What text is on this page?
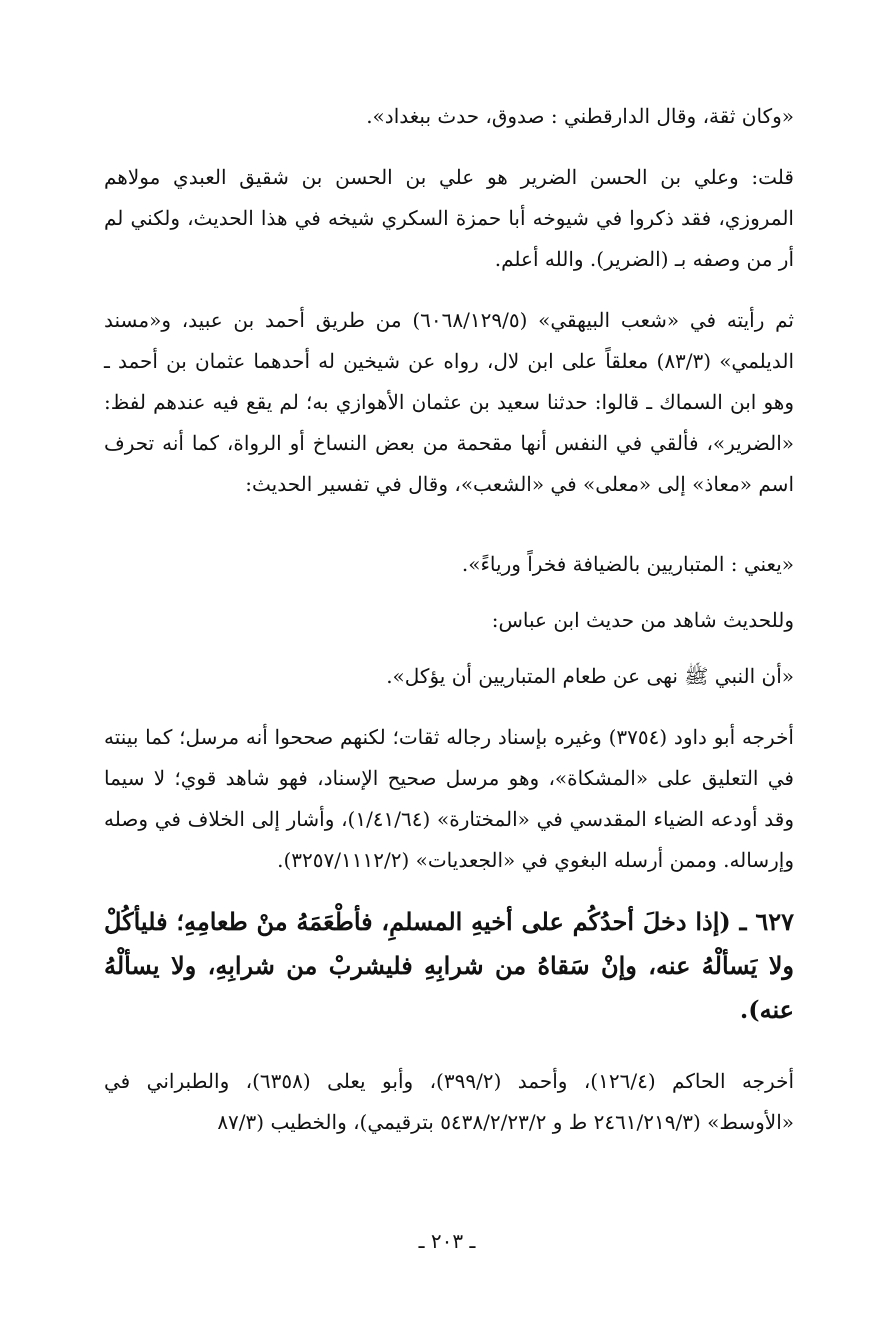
«وكان ثقة، وقال الدارقطني : صدوق، حدث ببغداد».

قلت: وعلي بن الحسن الضرير هو علي بن الحسن بن شقيق العبدي مولاهم المروزي، فقد ذكروا في شيوخه أبا حمزة السكري شيخه في هذا الحديث، ولكني لم أر من وصفه بـ (الضرير). والله أعلم.

ثم رأيته في «شعب البيهقي» (٦٠٦٨/١٢٩/٥) من طريق أحمد بن عبيد، و«مسند الديلمي» (٨٣/٣) معلقاً على ابن لال، رواه عن شيخين له أحدهما عثمان بن أحمد ـ وهو ابن السماك ـ قالوا: حدثنا سعيد بن عثمان الأهوازي به؛ لم يقع فيه عندهم لفظ: «الضرير»، فألقي في النفس أنها مقحمة من بعض النساخ أو الرواة، كما أنه تحرف اسم «معاذ» إلى «معلى» في «الشعب»، وقال في تفسير الحديث:

«يعني : المتباريين بالضيافة فخراً ورياءً».

وللحديث شاهد من حديث ابن عباس:

«أن النبي ﷺ نهى عن طعام المتباريين أن يؤكل».

أخرجه أبو داود (٣٧٥٤) وغيره بإسناد رجاله ثقات؛ لكنهم صححوا أنه مرسل؛ كما بينته في التعليق على «المشكاة»، وهو مرسل صحيح الإسناد، فهو شاهد قوي؛ لا سيما وقد أودعه الضياء المقدسي في «المختارة» (١/٤١/٦٤)، وأشار إلى الخلاف في وصله وإرساله. وممن أرسله البغوي في «الجعديات» (٣٢٥٧/١١١٢/٢).

٦٢٧ ـ (إذا دخلَ أحدُكُم على أخيهِ المسلمِ، فأطْعَمَهُ منْ طعامِهِ؛ فليأكُلْ ولا يَسألْهُ عنه، وإنْ سَقاهُ من شرابِهِ فليشربْ من شرابِهِ، ولا يسألْهُ عنه).

أخرجه الحاكم (١٢٦/٤)، وأحمد (٣٩٩/٢)، وأبو يعلى (٦٣٥٨)، والطبراني في «الأوسط» (٢٤٦١/٢١٩/٣ ط و ٥٤٣٨/٢/٢٣/٢ بترقيمي)، والخطيب (٨٧/٣

ـ ٢٠٣ ـ
